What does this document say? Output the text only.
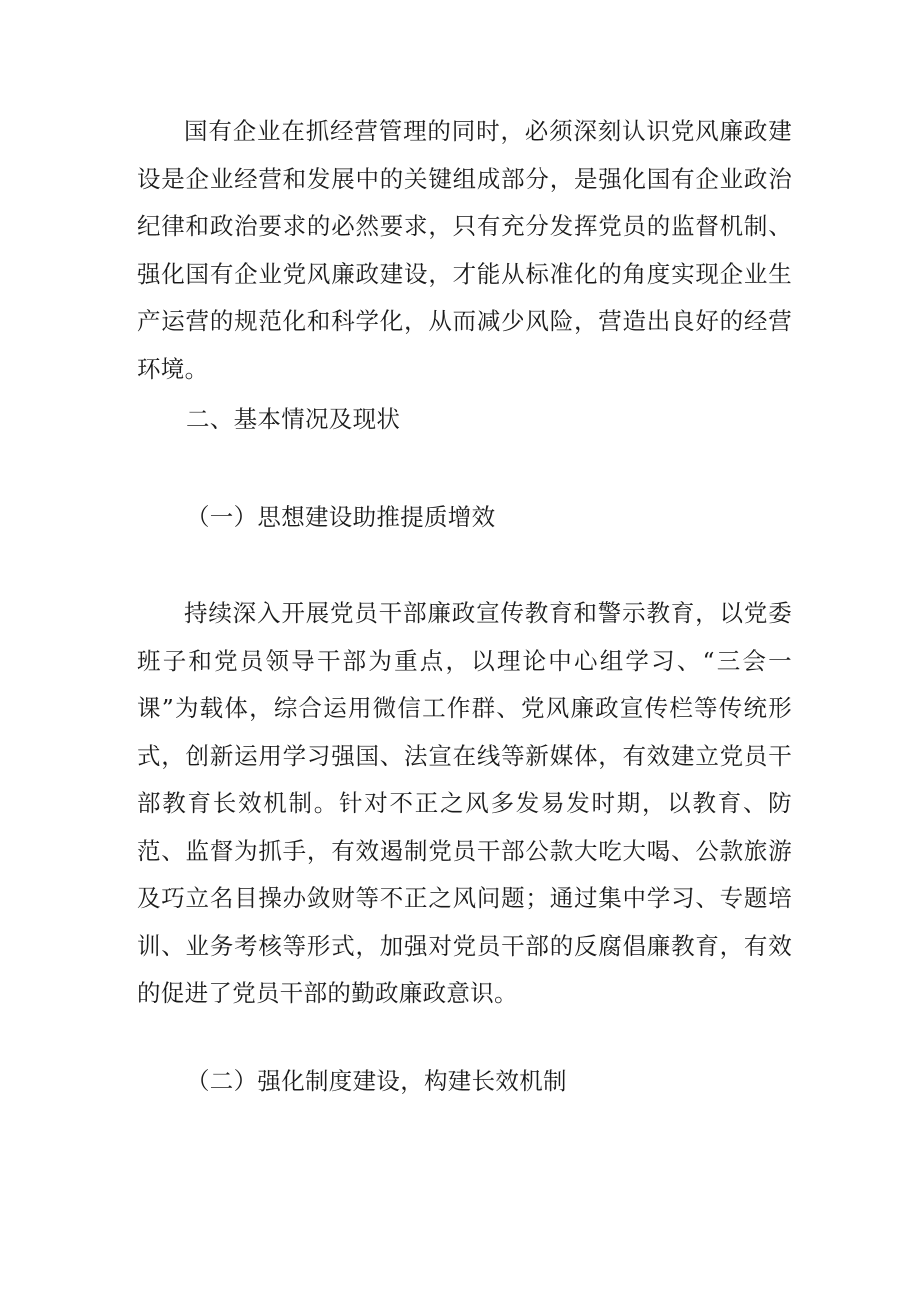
国有企业在抓经营管理的同时，必须深刻认识党风廉政建设是企业经营和发展中的关键组成部分，是强化国有企业政治纪律和政治要求的必然要求，只有充分发挥党员的监督机制、强化国有企业党风廉政建设，才能从标准化的角度实现企业生产运营的规范化和科学化，从而减少风险，营造出良好的经营环境。

二、基本情况及现状
（一）思想建设助推提质增效

持续深入开展党员干部廉政宣传教育和警示教育，以党委班子和党员领导干部为重点，以理论中心组学习、“三会一课”为载体，综合运用微信工作群、党风廉政宣传栏等传统形式，创新运用学习强国、法宣在线等新媒体，有效建立党员干部教育长效机制。针对不正之风多发易发时期，以教育、防范、监督为抓手，有效遏制党员干部公款大吃大喝、公款旅游及巧立名目操办敛财等不正之风问题；通过集中学习、专题培训、业务考核等形式，加强对党员干部的反腐倡廉教育，有效的促进了党员干部的勤政廉政意识。

（二）强化制度建设，构建长效机制
